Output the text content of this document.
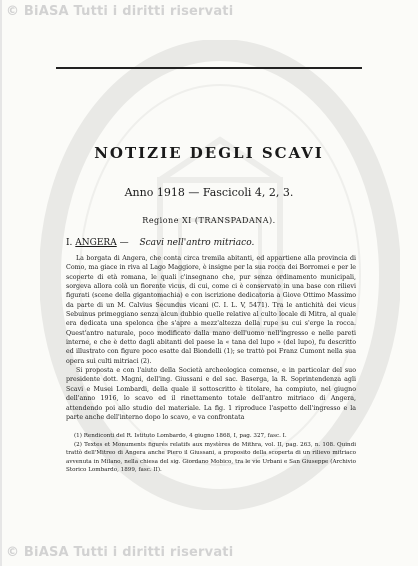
© BiASA Tutti i diritti riservati
NOTIZIE DEGLI SCAVI
Anno 1918 — Fascicoli 4, 2, 3.
Regione XI (TRANSPADANA).
I. ANGERA — Scavi nell'antro mitriaco.

La borgata di Angera, che conta circa tremila abitanti, ed appartiene alla provincia di Como, ma giace in riva al Lago Maggiore, è insigne per la sua rocca dei Borromei e per le scoperte di età romana, le quali c'insegnano che, pur senza ordinamento municipali, sorgeva allora colà un fiorente vicus, di cui, come ci è conservato in una base con rilievi figurati (scene della gigantomachia) e con iscrizione dedicatoria a Giove Ottimo Massimo da parte di un M. Calvius Secundus vicani (C. I. L. V, 5471). Tra le antichità dei vicus Sebuinus primeggiano senza alcun dubbio quelle relative al culto locale di Mitra, al quale era dedicata una spelonca che s'apre a mezz'altezza della rupe su cui s'erge la rocca. Quest'antro naturale, poco modificato dalla mano dell'uomo nell'ingresso e nelle pareti interne, e che è detto dagli abitanti del paese la « tana del lupo » (del lupo), fu descritto ed illustrato con figure poco esatte dal Biondelli (1); se trattò poi Franz Cumont nella sua opera sui culti mitriaci (2).

Si proposta e con l'aiuto della Società archeologica comense, e in particolar del suo presidente dott. Magni, dell'ing. Giussani e del sac. Baserga, la R. Soprintendenza agli Scavi e Musei Lombardi, della quale il sottoscritto è titolare, ha compiuto, nel giugno dell'anno 1916, lo scavo ed il rinettamento totale dell'antro mitriaco di Angera, attendendo poi allo studio del materiale. La fig. 1 riproduce l'aspetto dell'ingresso e la parte anche dell'interno dopo lo scavo, e va confrontata

(1) Rendiconti del R. Istituto Lombardo, 4 giugno 1868, I, pag. 327, fasc. I.

(2) Textes et Monuments figurés relatifs aux mystères de Mithra, vol. II, pag. 263, n. 108. Quindi trattò dell'Mitreo di Angera anche Piero il Giussani, a proposito della scoperta di un rilievo mitriaco avvenuta in Milano, nella chiesa del sig. Giordano Mobico, tra le vie Urbani e San Giuseppe (Archivio Storico Lombardo, 1899, fasc. II).

© BiASA Tutti i diritti riservati
